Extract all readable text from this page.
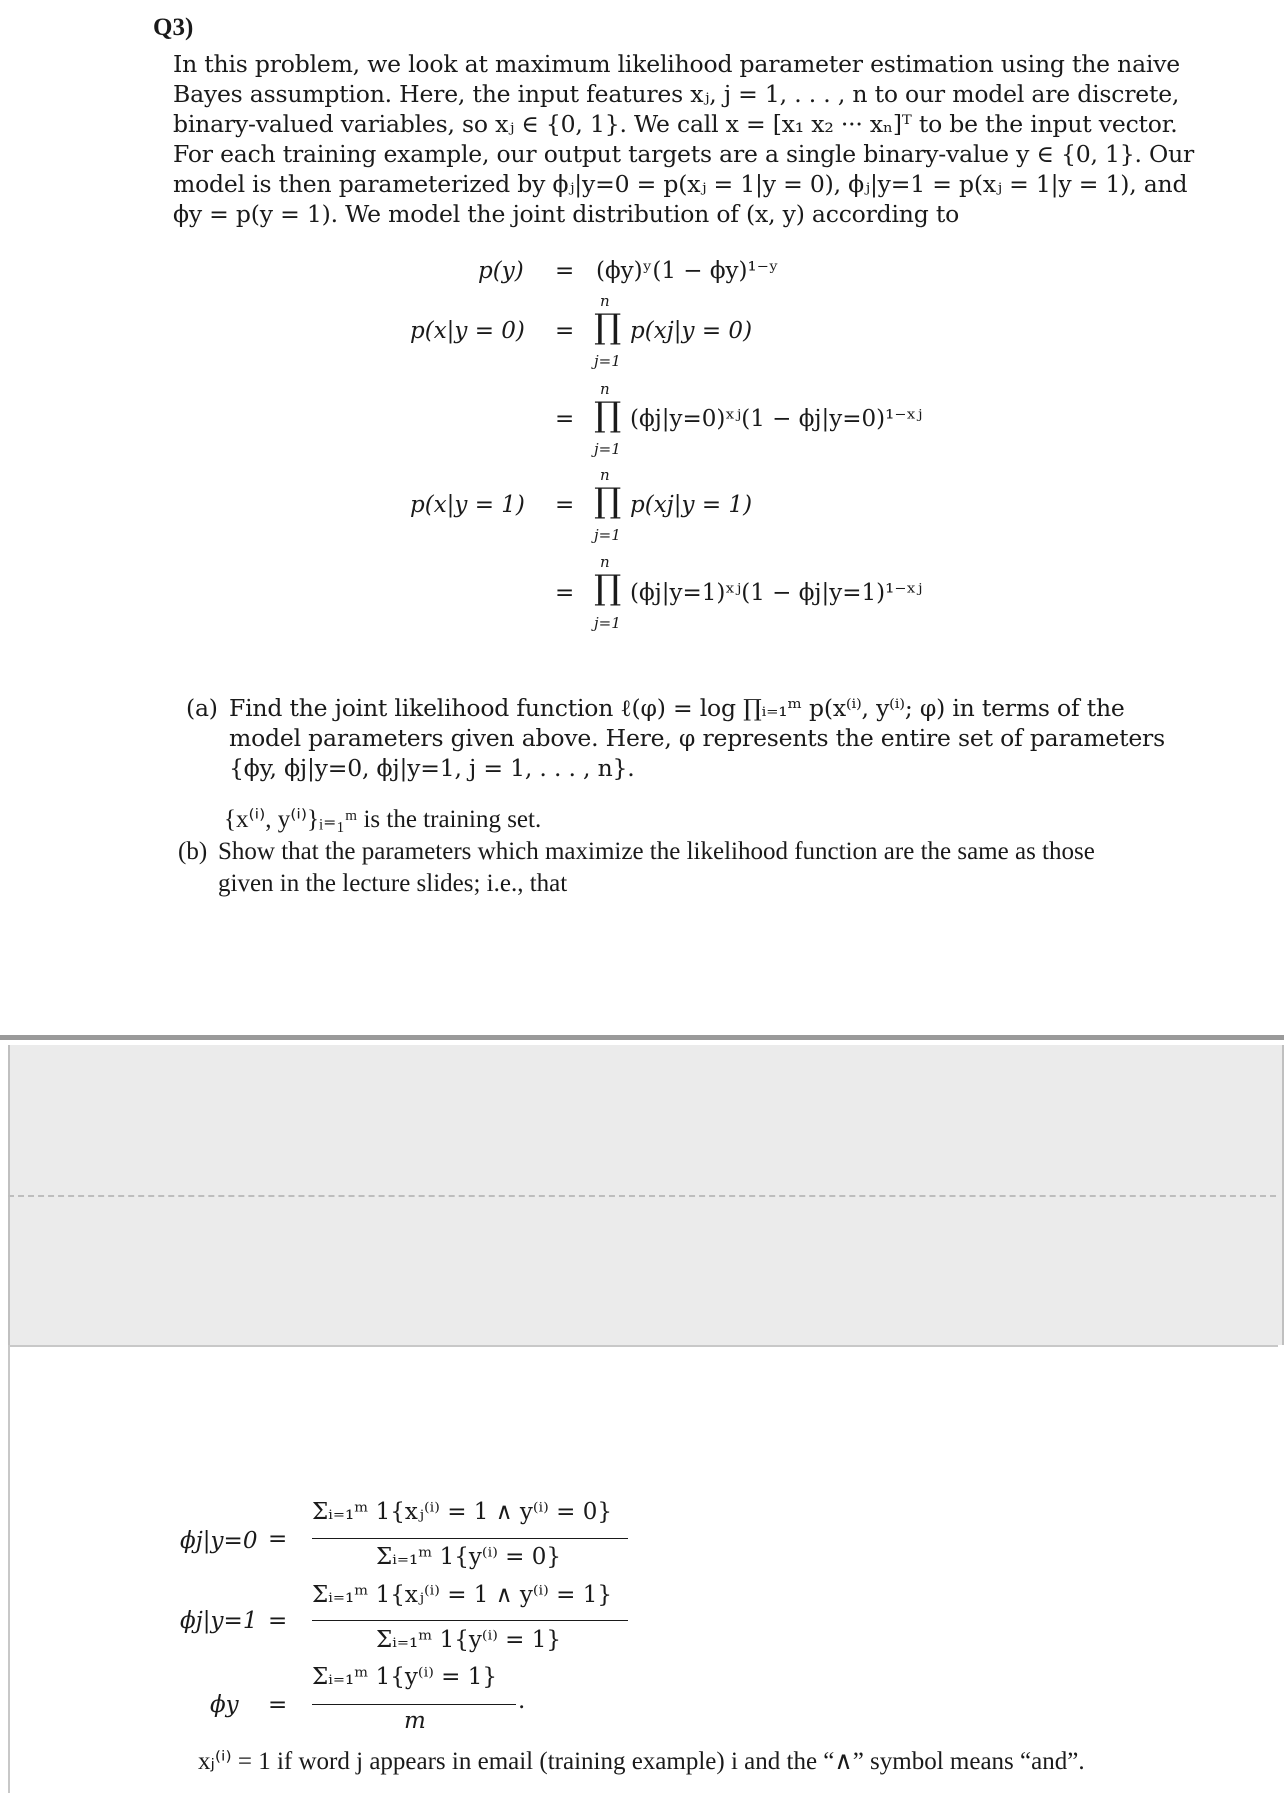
Q3)
In this problem, we look at maximum likelihood parameter estimation using the naive
Bayes assumption. Here, the input features xⱼ, j = 1, . . . , n to our model are discrete,
binary-valued variables, so xⱼ ∈ {0, 1}. We call x = [x₁ x₂ ··· xₙ]ᵀ to be the input vector.
For each training example, our output targets are a single binary-value y ∈ {0, 1}. Our
model is then parameterized by ϕⱼ|y=0 = p(xⱼ = 1|y = 0), ϕⱼ|y=1 = p(xⱼ = 1|y = 1), and
ϕy = p(y = 1). We model the joint distribution of (x, y) according to
p(y) = (ϕy)ʸ(1 − ϕy)¹⁻ʸ
n
p(x|y = 0) = ∏ p(xj|y = 0)
j=1
n
= ∏ (ϕj|y=0)ˣʲ(1 − ϕj|y=0)¹⁻ˣʲ
j=1
n
p(x|y = 1) = ∏ p(xj|y = 1)
j=1
n
= ∏ (ϕj|y=1)ˣʲ(1 − ϕj|y=1)¹⁻ˣʲ
j=1
(a) Find the joint likelihood function ℓ(φ) = log ∏ᵢ₌₁ᵐ p(x⁽ⁱ⁾, y⁽ⁱ⁾; φ) in terms of the
model parameters given above. Here, φ represents the entire set of parameters
{ϕy, ϕj|y=0, ϕj|y=1, j = 1, . . . , n}.
{x⁽ⁱ⁾, y⁽ⁱ⁾}ᵢ₌₁ᵐ is the training set.
(b) Show that the parameters which maximize the likelihood function are the same as those
given in the lecture slides; i.e., that
Σᵢ₌₁ᵐ 1{xⱼ⁽ⁱ⁾ = 1 ∧ y⁽ⁱ⁾ = 0}
ϕj|y=0 =
Σᵢ₌₁ᵐ 1{y⁽ⁱ⁾ = 0}
Σᵢ₌₁ᵐ 1{xⱼ⁽ⁱ⁾ = 1 ∧ y⁽ⁱ⁾ = 1}
ϕj|y=1 =
Σᵢ₌₁ᵐ 1{y⁽ⁱ⁾ = 1}
Σᵢ₌₁ᵐ 1{y⁽ⁱ⁾ = 1}
.
ϕy =
m
xⱼ⁽ⁱ⁾ = 1 if word j appears in email (training example) i and the “∧” symbol means “and”.
